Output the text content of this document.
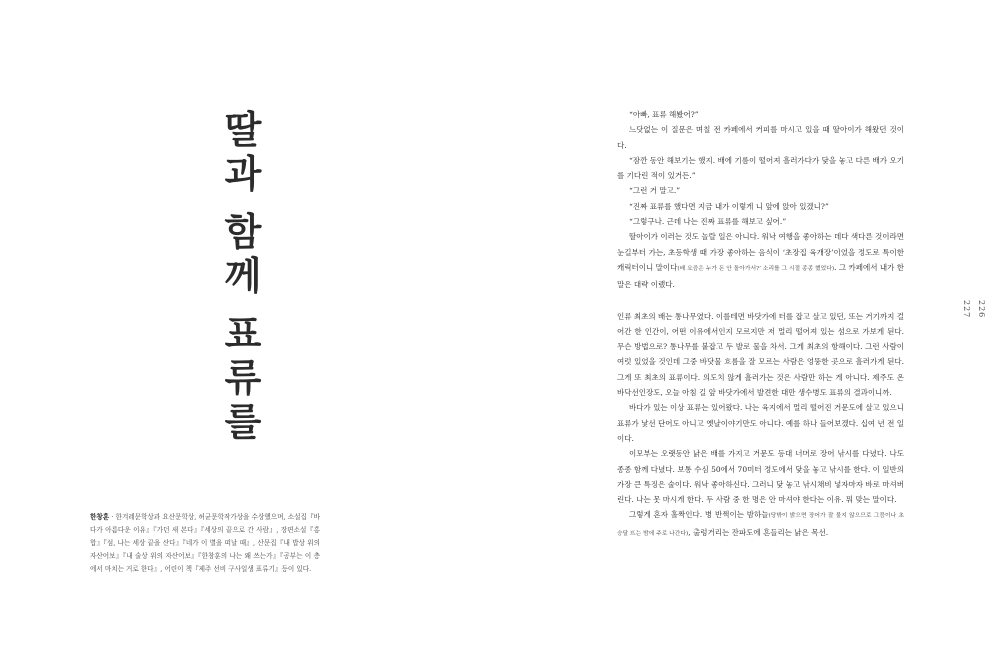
딸과
함께
표류를
한창훈 · 한겨레문학상과 요산문학상, 허균문학작가상을 수상했으며, 소설집『바다가 아름다운 이유』『가던 새 본다』『세상의 끝으로 간 사람』, 장편소설『홍합』『섬, 나는 세상 끝을 산다』『네가 이 별을 떠날 때』, 산문집『내 밥상 위의 자산어보』『내 술상 위의 자산어보』『한창훈의 나는 왜 쓰는가』『공부는 이 층에서 마치는 거로 한다』, 어린이 책『제주 선비 구사일생 표류기』등이 있다.

“아빠, 표류 해봤어?”

느닷없는 이 질문은 며칠 전 카페에서 커피를 마시고 있을 때 딸아이가 해왔던 것이다.

“잠깐 동안 해보기는 했지. 배에 기름이 떨어져 흘러가다가 닻을 놓고 다른 배가 오기를 기다린 적이 있거든.”

“그런 거 말고.”

“진짜 표류를 했다면 지금 내가 이렇게 니 앞에 앉아 있겠니?”

“그렇구나. 근데 나는 진짜 표류를 해보고 싶어.”

딸아이가 이러는 것도 놀랄 일은 아니다. 워낙 여행을 좋아하는 데다 색다른 것이라면 눈길부터 가는, 초등학생 때 가장 좋아하는 음식이 ‘초장집 육개장’이었을 정도로 특이한 캐릭터이니 말이다(배 요즘은 누가 돈 안 돌아가서?’ 소리를 그 시절 종종 했었다). 그 카페에서 내가 한 말은 대략 이랬다.

인류 최초의 배는 통나무였다. 이를테면 바닷가에 터를 잡고 살고 있던, 또는 거기까지 걸어간 한 인간이, 어떤 이유에서인지 모르지만 저 멀리 떨어져 있는 섬으로 가보게 된다. 무슨 방법으로? 통나무를 붙잡고 두 발로 물을 차서. 그게 최초의 항해이다. 그런 사람이 여럿 있었을 것인데 그중 바닷물 흐름을 잘 모르는 사람은 엉뚱한 곳으로 흘러가게 된다. 그게 또 최초의 표류이다. 의도치 않게 흘러가는 것은 사람만 하는 게 아니다. 제주도 온바닥선인장도, 오늘 아침 길 앞 바닷가에서 발견한 대만 생수병도 표류의 결과이니까.

바다가 있는 이상 표류는 있어왔다. 나는 육지에서 멀리 떨어진 거문도에 살고 있으니 표류가 낯선 단어도 아니고 옛날이야기만도 아니다. 예를 하나 들어보겠다. 십여 년 전 일이다.

이모부는 오랫동안 낡은 배를 가지고 거문도 등대 너머로 장어 낚시를 다녔다. 나도 종종 함께 다녔다. 보통 수심 50에서 70미터 정도에서 닻을 놓고 낚시를 한다. 이 일반의 가장 큰 특징은 술이다. 워낙 좋아하신다. 그러니 닻 놓고 낚시채비 넣자마자 바로 마셔버린다. 나는 못 마시게 한다. 두 사람 중 한 명은 안 마셔야 한다는 이유. 뭐 맞는 말이다.

그렇게 혼자 홀짝인다. 병 반쩍이는 밤하늘(당밖이 밝으면 장어가 잘 물지 않으므로 그믐이나 초승달 뜨는 밤에 주로 나간다), 출렁거리는 잔파도에 흔들리는 낡은 목선.

226
227
